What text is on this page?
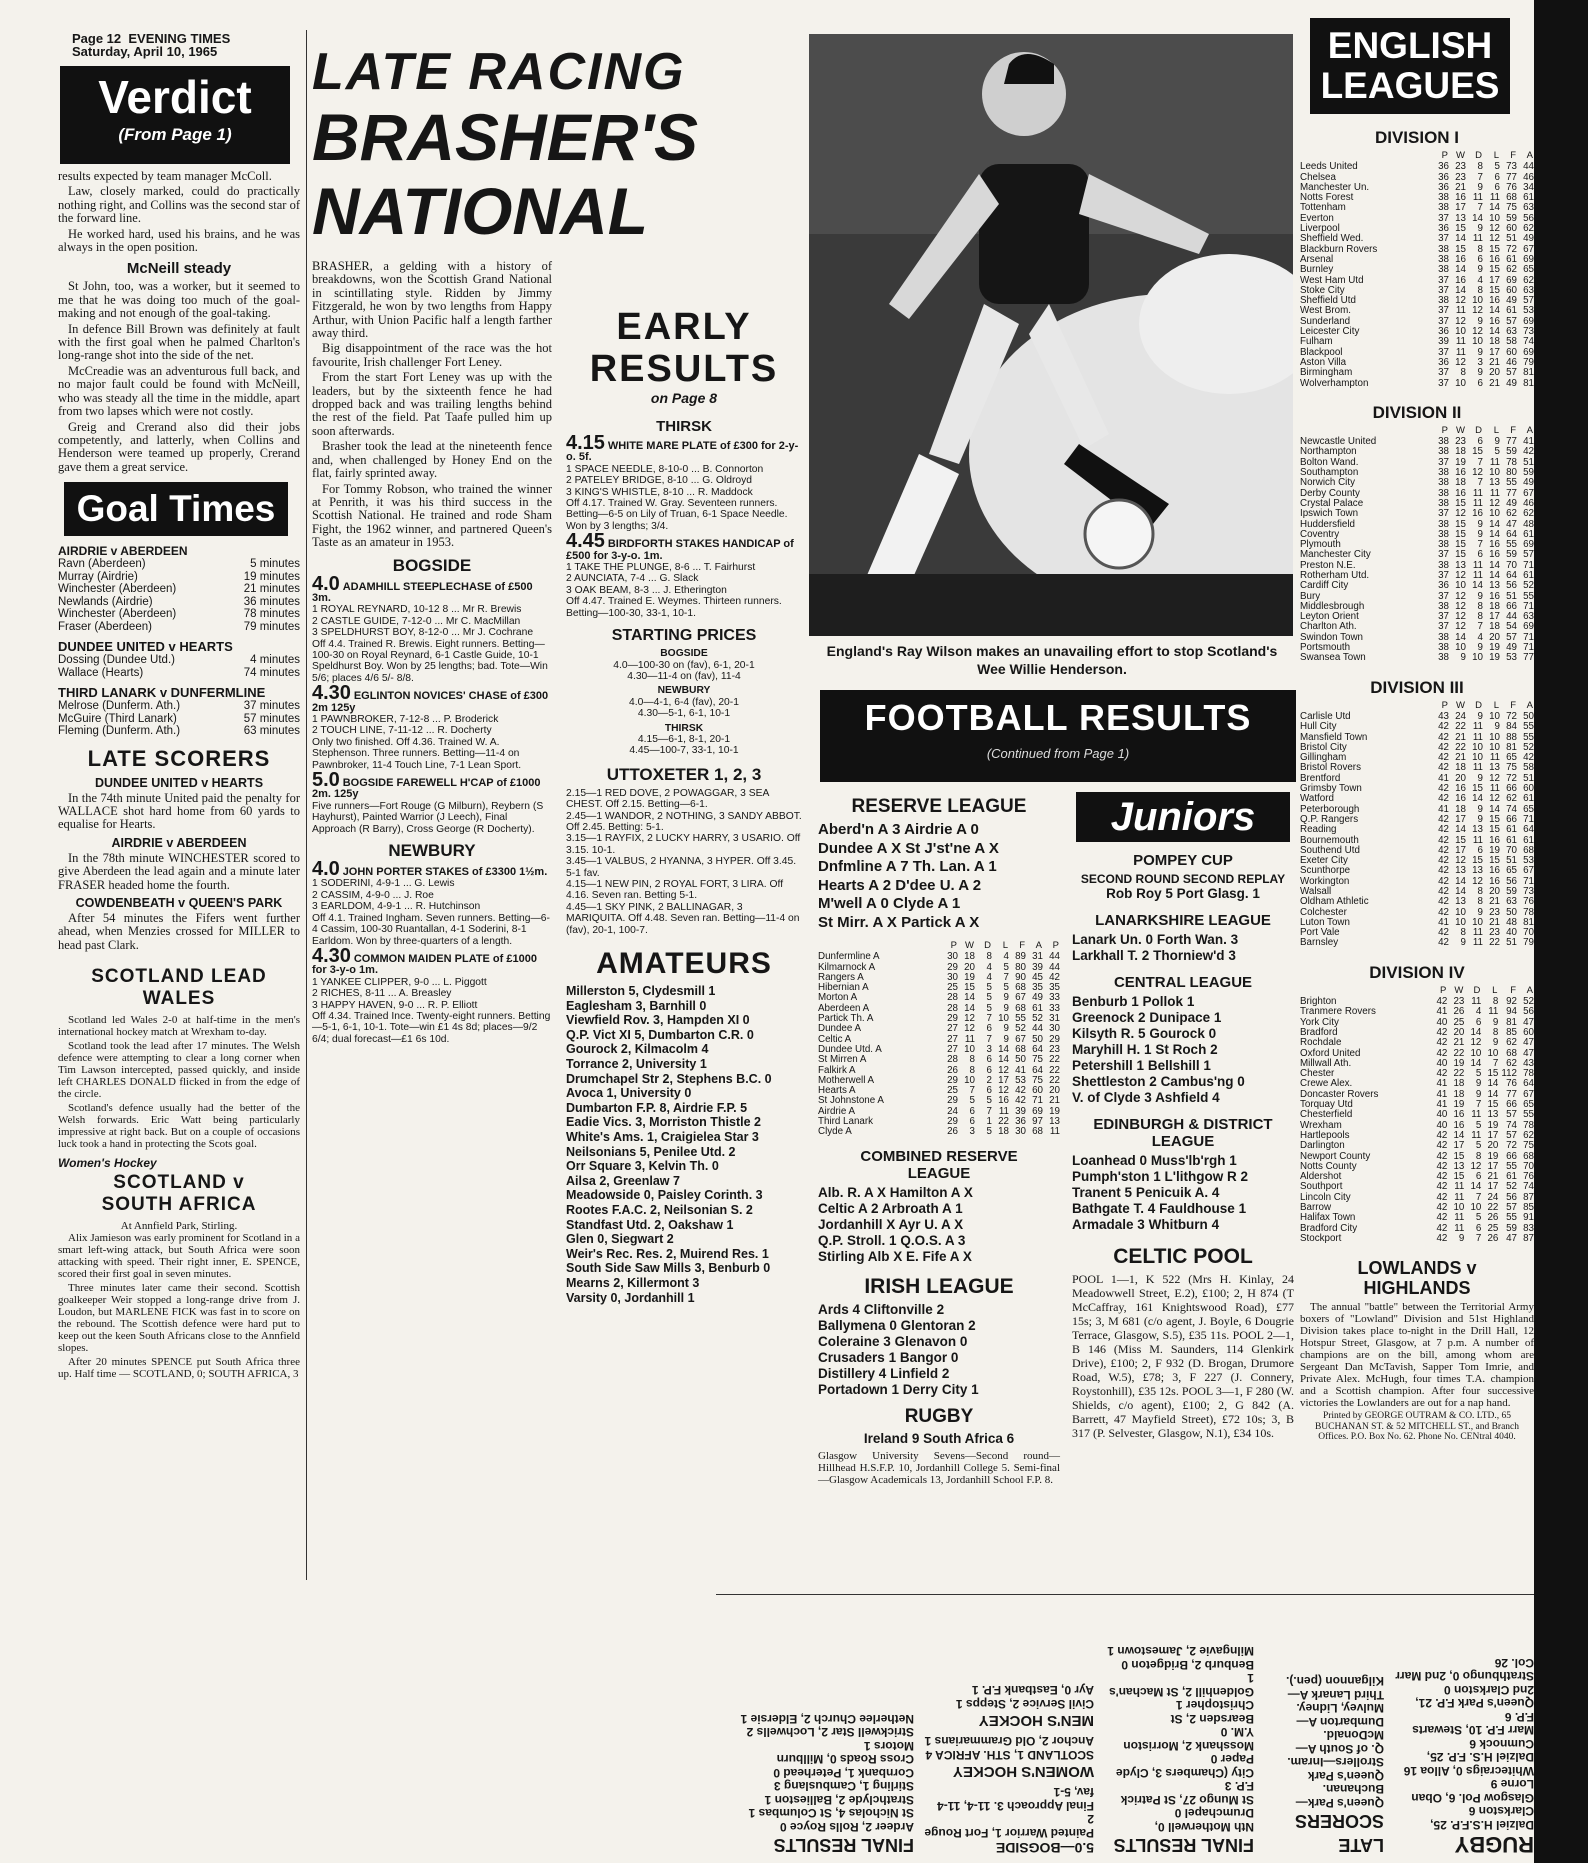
Page 12 EVENING TIMES
Saturday, April 10, 1965
Verdict
(From Page 1)

results expected by team manager McColl.

Law, closely marked, could do practically nothing right, and Collins was the second star of the forward line.

He worked hard, used his brains, and he was always in the open position.

McNeill steady

St John, too, was a worker, but it seemed to me that he was doing too much of the goal-making and not enough of the goal-taking.

In defence Bill Brown was definitely at fault with the first goal when he palmed Charlton's long-range shot into the side of the net.

McCreadie was an adventurous full back, and no major fault could be found with McNeill, who was steady all the time in the middle, apart from two lapses which were not costly.

Greig and Crerand also did their jobs competently, and latterly, when Collins and Henderson were teamed up properly, Crerand gave them a great service.

Goal Times
AIRDRIE v ABERDEEN
Ravn (Aberdeen)	5 minutes
Murray (Airdrie)	19 minutes
Winchester (Aberdeen)	21 minutes
Newlands (Airdrie)	36 minutes
Winchester (Aberdeen)	78 minutes
Fraser (Aberdeen)	79 minutes
DUNDEE UNITED v HEARTS
Dossing (Dundee Utd.)	4 minutes
Wallace (Hearts)	74 minutes
THIRD LANARK v DUNFERMLINE
Melrose (Dunferm. Ath.)	37 minutes
McGuire (Third Lanark)	57 minutes
Fleming (Dunferm. Ath.)	63 minutes
LATE SCORERS
DUNDEE UNITED v HEARTS

In the 74th minute United paid the penalty for WALLACE shot hard home from 60 yards to equalise for Hearts.

AIRDRIE v ABERDEEN

In the 78th minute WINCHESTER scored to give Aberdeen the lead again and a minute later FRASER headed home the fourth.

COWDENBEATH v QUEEN'S PARK

After 54 minutes the Fifers went further ahead, when Menzies crossed for MILLER to head past Clark.

SCOTLAND LEAD
WALES

Scotland led Wales 2-0 at half-time in the men's international hockey match at Wrexham to-day.

Scotland took the lead after 17 minutes. The Welsh defence were attempting to clear a long corner when Tim Lawson intercepted, passed quickly, and inside left CHARLES DONALD flicked in from the edge of the circle.

Scotland's defence usually had the better of the Welsh forwards. Eric Watt being particularly impressive at right back. But on a couple of occasions luck took a hand in protecting the Scots goal.

Women's Hockey
SCOTLAND v
SOUTH AFRICA
At Annfield Park, Stirling.

Alix Jamieson was early prominent for Scotland in a smart left-wing attack, but South Africa were soon attacking with speed. Their right inner, E. SPENCE, scored their first goal in seven minutes.

Three minutes later came their second. Scottish goalkeeper Weir stopped a long-range drive from J. Loudon, but MARLENE FICK was fast in to score on the rebound. The Scottish defence were hard put to keep out the keen South Africans close to the Annfield slopes.

After 20 minutes SPENCE put South Africa three up. Half time — SCOTLAND, 0; SOUTH AFRICA, 3

LATE RACING
BRASHER'S
NATIONAL

BRASHER, a gelding with a history of breakdowns, won the Scottish Grand National in scintillating style. Ridden by Jimmy Fitzgerald, he won by two lengths from Happy Arthur, with Union Pacific half a length farther away third.

Big disappointment of the race was the hot favourite, Irish challenger Fort Leney.

From the start Fort Leney was up with the leaders, but by the sixteenth fence he had dropped back and was trailing lengths behind the rest of the field. Pat Taafe pulled him up soon afterwards.

Brasher took the lead at the nineteenth fence and, when challenged by Honey End on the flat, fairly sprinted away.

For Tommy Robson, who trained the winner at Penrith, it was his third success in the Scottish National. He trained and rode Sham Fight, the 1962 winner, and partnered Queen's Taste as an amateur in 1953.

BOGSIDE
4.0 ADAMHILL STEEPLECHASE of £500 3m.
1 ROYAL REYNARD, 10-12 8 ... Mr R. Brewis
2 CASTLE GUIDE, 7-12-0 ... Mr C. MacMillan
3 SPELDHURST BOY, 8-12-0 ... Mr J. Cochrane
Off 4.4. Trained R. Brewis. Eight runners. Betting—100-30 on Royal Reynard, 6-1 Castle Guide, 10-1 Speldhurst Boy. Won by 25 lengths; bad. Tote—Win 5/6; places 4/6 5/- 8/8.
4.30 EGLINTON NOVICES' CHASE of £300 2m 125y
1 PAWNBROKER, 7-12-8 ... P. Broderick
2 TOUCH LINE, 7-11-12 ... R. Docherty
Only two finished. Off 4.36. Trained W. A. Stephenson. Three runners. Betting—11-4 on Pawnbroker, 11-4 Touch Line, 7-1 Lean Sport.
5.0 BOGSIDE FAREWELL H'CAP of £1000 2m. 125y
Five runners—Fort Rouge (G Milburn), Reybern (S Hayhurst), Painted Warrior (J Leech), Final Approach (R Barry), Cross George (R Docherty).
NEWBURY
4.0 JOHN PORTER STAKES of £3300 1½m.
1 SODERINI, 4-9-1 ... G. Lewis
2 CASSIM, 4-9-0 ... J. Roe
3 EARLDOM, 4-9-1 ... R. Hutchinson
Off 4.1. Trained Ingham. Seven runners. Betting—6-4 Cassim, 100-30 Ruantallan, 4-1 Soderini, 8-1 Earldom. Won by three-quarters of a length.
4.30 COMMON MAIDEN PLATE of £1000 for 3-y-o 1m.
1 YANKEE CLIPPER, 9-0 ... L. Piggott
2 RICHES, 8-11 ... A. Breasley
3 HAPPY HAVEN, 9-0 ... R. P. Elliott
Off 4.34. Trained Ince. Twenty-eight runners. Betting—5-1, 6-1, 10-1. Tote—win £1 4s 8d; places—9/2 6/4; dual forecast—£1 6s 10d.
EARLY
RESULTS
on Page 8
THIRSK
4.15 WHITE MARE PLATE of £300 for 2-y-o. 5f.
1 SPACE NEEDLE, 8-10-0 ... B. Connorton
2 PATELEY BRIDGE, 8-10 ... G. Oldroyd
3 KING'S WHISTLE, 8-10 ... R. Maddock
Off 4.17. Trained W. Gray. Seventeen runners. Betting—6-5 on Lily of Truan, 6-1 Space Needle. Won by 3 lengths; 3/4.
4.45 BIRDFORTH STAKES HANDICAP of £500 for 3-y-o. 1m.
1 TAKE THE PLUNGE, 8-6 ... T. Fairhurst
2 AUNCIATA, 7-4 ... G. Slack
3 OAK BEAM, 8-3 ... J. Etherington
Off 4.47. Trained E. Weymes. Thirteen runners. Betting—100-30, 33-1, 10-1.
STARTING PRICES
BOGSIDE
4.0—100-30 on (fav), 6-1, 20-1
4.30—11-4 on (fav), 11-4
NEWBURY
4.0—4-1, 6-4 (fav), 20-1
4.30—5-1, 6-1, 10-1
THIRSK
4.15—6-1, 8-1, 20-1
4.45—100-7, 33-1, 10-1
UTTOXETER 1, 2, 3
2.15—1 RED DOVE, 2 POWAGGAR, 3 SEA CHEST. Off 2.15. Betting—6-1.
2.45—1 WANDOR, 2 NOTHING, 3 SANDY ABBOT. Off 2.45. Betting: 5-1.
3.15—1 RAYFIX, 2 LUCKY HARRY, 3 USARIO. Off 3.15. 10-1.
3.45—1 VALBUS, 2 HYANNA, 3 HYPER. Off 3.45. 5-1 fav.
4.15—1 NEW PIN, 2 ROYAL FORT, 3 LIRA. Off 4.16. Seven ran. Betting 5-1.
4.45—1 SKY PINK, 2 BALLINAGAR, 3 MARIQUITA. Off 4.48. Seven ran. Betting—11-4 on (fav), 20-1, 100-7.
AMATEURS
Millerston 5, Clydesmill 1
Eaglesham 3, Barnhill 0
Viewfield Rov. 3, Hampden XI 0
Q.P. Vict XI 5, Dumbarton C.R. 0
Gourock 2, Kilmacolm 4
Torrance 2, University 1
Drumchapel Str 2, Stephens B.C. 0
Avoca 1, University 0
Dumbarton F.P. 8, Airdrie F.P. 5
Eadie Vics. 3, Morriston Thistle 2
White's Ams. 1, Craigielea Star 3
Neilsonians 5, Penilee Utd. 2
Orr Square 3, Kelvin Th. 0
Ailsa 2, Greenlaw 7
Meadowside 0, Paisley Corinth. 3
Rootes F.A.C. 2, Neilsonian S. 2
Standfast Utd. 2, Oakshaw 1
Glen 0, Siegwart 2
Weir's Rec. Res. 2, Muirend Res. 1
South Side Saw Mills 3, Benburb 0
Mearns 2, Killermont 3
Varsity 0, Jordanhill 1
England's Ray Wilson makes an unavailing effort to stop Scotland's Wee Willie Henderson.
FOOTBALL RESULTS
(Continued from Page 1)
RESERVE LEAGUE
Aberd'n A 3 Airdrie A 0
Dundee A X St J'st'ne A X
Dnfmline A 7 Th. Lan. A 1
Hearts A 2 D'dee U. A 2
M'well A 0 Clyde A 1
St Mirr. A X Partick A X
	P	W	D	L	F	A	P
Dunfermline A	30	18	8	4	89	31	44
Kilmarnock A	29	20	4	5	80	39	44
Rangers A	30	19	4	7	90	45	42
Hibernian A	25	15	5	5	68	35	35
Morton A	28	14	5	9	67	49	33
Aberdeen A	28	14	5	9	68	61	33
Partick Th. A	29	12	7	10	55	52	31
Dundee A	27	12	6	9	52	44	30
Celtic A	27	11	7	9	67	50	29
Dundee Utd. A	27	10	3	14	68	64	23
St Mirren A	28	8	6	14	50	75	22
Falkirk A	26	8	6	12	41	64	22
Motherwell A	29	10	2	17	53	75	22
Hearts A	25	7	6	12	42	60	20
St Johnstone A	29	5	5	16	42	71	21
Airdrie A	24	6	7	11	39	69	19
Third Lanark	29	6	1	22	36	97	13
Clyde A	26	3	5	18	30	68	11
COMBINED RESERVE LEAGUE
Alb. R. A X Hamilton A X
Celtic A 2 Arbroath A 1
Jordanhill X Ayr U. A X
Q.P. Stroll. 1 Q.O.S. A 3
Stirling Alb X E. Fife A X
IRISH LEAGUE
Ards 4 Cliftonville 2
Ballymena 0 Glentoran 2
Coleraine 3 Glenavon 0
Crusaders 1 Bangor 0
Distillery 4 Linfield 2
Portadown 1 Derry City 1
RUGBY
Ireland 9 South Africa 6

Glasgow University Sevens—Second round—Hillhead H.S.F.P. 10, Jordanhill College 5. Semi-final—Glasgow Academicals 13, Jordanhill School F.P. 8.

Juniors
POMPEY CUP
SECOND ROUND SECOND REPLAY
Rob Roy 5 Port Glasg. 1
LANARKSHIRE LEAGUE
Lanark Un. 0 Forth Wan. 3
Larkhall T. 2 Thorniew'd 3
CENTRAL LEAGUE
Benburb 1 Pollok 1
Greenock 2 Dunipace 1
Kilsyth R. 5 Gourock 0
Maryhill H. 1 St Roch 2
Petershill 1 Bellshill 1
Shettleston 2 Cambus'ng 0
V. of Clyde 3 Ashfield 4
EDINBURGH & DISTRICT LEAGUE
Loanhead 0 Muss'lb'rgh 1
Pumph'ston 1 L'lithgow R 2
Tranent 5 Penicuik A. 4
Bathgate T. 4 Fauldhouse 1
Armadale 3 Whitburn 4
CELTIC POOL

POOL 1—1, K 522 (Mrs H. Kinlay, 24 Meadowwell Street, E.2), £100; 2, H 874 (T McCaffray, 161 Knightswood Road), £77 15s; 3, M 681 (c/o agent, J. Boyle, 6 Dougrie Terrace, Glasgow, S.5), £35 11s. POOL 2—1, B 146 (Miss M. Saunders, 114 Glenkirk Drive), £100; 2, F 932 (D. Brogan, Drumore Road, W.5), £78; 3, F 227 (J. Connery, Roystonhill), £35 12s. POOL 3—1, F 280 (W. Shields, c/o agent), £100; 2, G 842 (A. Barrett, 47 Mayfield Street), £72 10s; 3, B 317 (P. Selvester, Glasgow, N.1), £34 10s.

ENGLISH
LEAGUES
DIVISION I
	P	W	D	L	F	A
Leeds United	36	23	8	5	73	44
Chelsea	36	23	7	6	77	46
Manchester Un.	36	21	9	6	76	34
Notts Forest	38	16	11	11	68	61
Tottenham	38	17	7	14	75	63
Everton	37	13	14	10	59	56
Liverpool	36	15	9	12	60	62
Sheffield Wed.	37	14	11	12	51	49
Blackburn Rovers	38	15	8	15	72	67
Arsenal	38	16	6	16	61	69
Burnley	38	14	9	15	62	65
West Ham Utd	37	16	4	17	69	62
Stoke City	37	14	8	15	60	63
Sheffield Utd	38	12	10	16	49	57
West Brom.	37	11	12	14	61	53
Sunderland	37	12	9	16	57	69
Leicester City	36	10	12	14	63	73
Fulham	39	11	10	18	58	74
Blackpool	37	11	9	17	60	69
Aston Villa	36	12	3	21	46	79
Birmingham	37	8	9	20	57	81
Wolverhampton	37	10	6	21	49	81
DIVISION II
	P	W	D	L	F	A
Newcastle United	38	23	6	9	77	41
Northampton	38	18	15	5	59	42
Bolton Wand.	37	19	7	11	78	51
Southampton	38	16	12	10	80	59
Norwich City	38	18	7	13	55	49
Derby County	38	16	11	11	77	67
Crystal Palace	38	15	11	12	49	46
Ipswich Town	37	12	16	10	62	62
Huddersfield	38	15	9	14	47	48
Coventry	38	15	9	14	64	61
Plymouth	38	15	7	16	55	69
Manchester City	37	15	6	16	59	57
Preston N.E.	38	13	11	14	70	71
Rotherham Utd.	37	12	11	14	64	61
Cardiff City	36	10	14	13	56	52
Bury	37	12	9	16	51	55
Middlesbrough	38	12	8	18	66	71
Leyton Orient	37	12	8	17	44	63
Charlton Ath.	37	12	7	18	54	69
Swindon Town	38	14	4	20	57	71
Portsmouth	38	10	9	19	49	71
Swansea Town	38	9	10	19	53	77
DIVISION III
	P	W	D	L	F	A
Carlisle Utd	43	24	9	10	72	50
Hull City	42	22	11	9	84	55
Mansfield Town	42	21	11	10	88	55
Bristol City	42	22	10	10	81	52
Gillingham	42	21	10	11	65	42
Bristol Rovers	42	18	11	13	75	58
Brentford	41	20	9	12	72	51
Grimsby Town	42	16	15	11	66	60
Watford	42	16	14	12	62	61
Peterborough	41	18	9	14	74	65
Q.P. Rangers	42	17	9	15	66	71
Reading	42	14	13	15	61	64
Bournemouth	42	15	11	16	61	61
Southend Utd	42	17	6	19	70	68
Exeter City	42	12	15	15	51	53
Scunthorpe	42	13	13	16	65	67
Workington	42	14	12	16	56	71
Walsall	42	14	8	20	59	73
Oldham Athletic	42	13	8	21	63	76
Colchester	42	10	9	23	50	78
Luton Town	41	10	10	21	48	81
Port Vale	42	8	11	23	40	70
Barnsley	42	9	11	22	51	79
DIVISION IV
	P	W	D	L	F	A
Brighton	42	23	11	8	92	52
Tranmere Rovers	41	26	4	11	94	56
York City	40	25	6	9	81	47
Bradford	42	20	14	8	85	60
Rochdale	42	21	12	9	62	47
Oxford United	42	22	10	10	68	47
Millwall Ath.	40	19	14	7	62	43
Chester	42	22	5	15	112	78
Crewe Alex.	41	18	9	14	76	64
Doncaster Rovers	41	18	9	14	77	67
Torquay Utd	41	19	7	15	66	65
Chesterfield	40	16	11	13	57	55
Wrexham	40	16	5	19	74	78
Hartlepools	42	14	11	17	57	62
Darlington	42	17	5	20	72	75
Newport County	42	15	8	19	66	68
Notts County	42	13	12	17	55	70
Aldershot	42	15	6	21	61	76
Southport	42	11	14	17	52	74
Lincoln City	42	11	7	24	56	87
Barrow	42	10	10	22	57	85
Halifax Town	42	11	5	26	55	91
Bradford City	42	11	6	25	59	83
Stockport	42	9	7	26	47	87
LOWLANDS v
HIGHLANDS

The annual "battle" between the Territorial Army boxers of "Lowland" Division and 51st Highland Division takes place to-night in the Drill Hall, 12 Hotspur Street, Glasgow, at 7 p.m. A number of champions are on the bill, among whom are Sergeant Dan McTavish, Sapper Tom Imrie, and Private Alex. McHugh, four times T.A. champion and a Scottish champion. After four successive victories the Lowlanders are out for a nap hand.

Printed by GEORGE OUTRAM & CO. LTD., 65 BUCHANAN ST. & 52 MITCHELL ST., and Branch Offices. P.O. Box No. 62. Phone No. CENtral 4040.

RUGBY
Dalziel H.S.F.P. 25, Clarkston 6
Glasgow Pol. 6, Oban Lorne 9
Whitecraigs 0, Alloa 16
Dalziel H.S. F.P. 25, Cumnock 6
Marr F.P. 10, Stewarts F.P. 6
Queen's Park F.P. 21, 2nd Clarkston 0
Strathbungo 0, 2nd Marr Col. 26
LATE SCORERS
Queen's Park—Buchanan.
Queen's Park Strollers—Inram.
Q. of South A—McDonald.
Dumbarton A—Mulvey, Lidney.
Third Lanark A—Kilgannon (pen.).
FINAL RESULTS
Nth Motherwell 0, Drumchapel 0
St Mungo 27, St Patrick F.P. 3
City (Chambers 3, Clyde Paper 0
Mosshank 2, Morriston Y.M. 0
Bearsden 2, St Christopher 1
Goldenhill 2, St Machan's 1
Benburb 2, Bridgeton 0
Milngavie 2, Jamestown 1
5.0—BOGSIDE
Painted Warrior 1, Fort Rouge 2
Final Approach 3. 11-4, 11-4 fav, 5-1
WOMEN'S HOCKEY
SCOTLAND 1, STH. AFRICA 4
Anchor 2, Old Grammarians 1
MEN'S HOCKEY
Civil Service 2, Stepps 1
Ayr 0, Eastbank F.P. 1
FINAL RESULTS
Ardeer 2, Rolls Royce 0
St Nicholas 4, St Columbas 1
Strathclyde 2, Ballieston 1
Stirling 1, Cambuslang 3
Cornbank 1, Peterhead 0
Cross Roads 0, Millburn Motors 1
Strickwell Star 2, Lochwells 2
Netherlee Church 2, Eldersie 1
